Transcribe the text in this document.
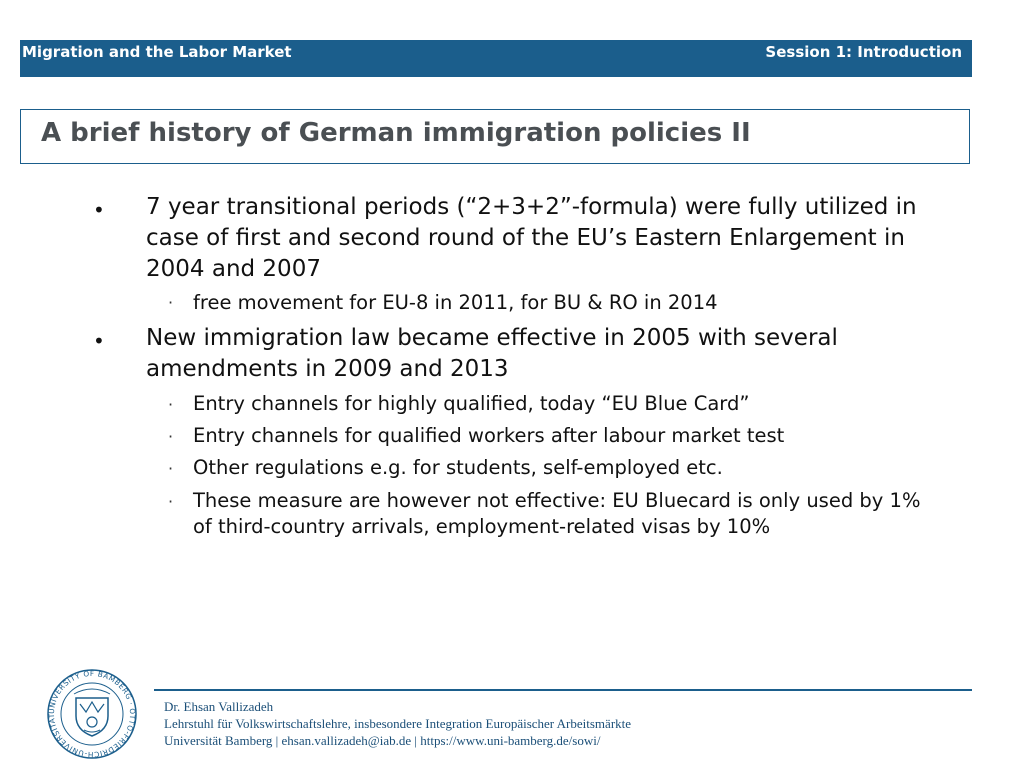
Migration and the Labor Market	Session 1: Introduction
A brief history of German immigration policies II
• 7 year transitional periods (“2+3+2”-formula) were fully utilized in case of first and second round of the EU’s Eastern Enlargement in 2004 and 2007
· free movement for EU-8 in 2011, for BU & RO in 2014
• New immigration law became effective in 2005 with several amendments in 2009 and 2013
· Entry channels for highly qualified, today “EU Blue Card”
· Entry channels for qualified workers after labour market test
· Other regulations e.g. for students, self-employed etc.
· These measure are however not effective: EU Bluecard is only used by 1% of third-country arrivals, employment-related visas by 10%
UNIVERSITY OF BAMBERG · OTTO-FRIEDRICH-UNIVERSITÄT
Dr. Ehsan Vallizadeh
Lehrstuhl für Volkswirtschaftslehre, insbesondere Integration Europäischer Arbeitsmärkte
Universität Bamberg | ehsan.vallizadeh@iab.de | https://www.uni-bamberg.de/sowi/
